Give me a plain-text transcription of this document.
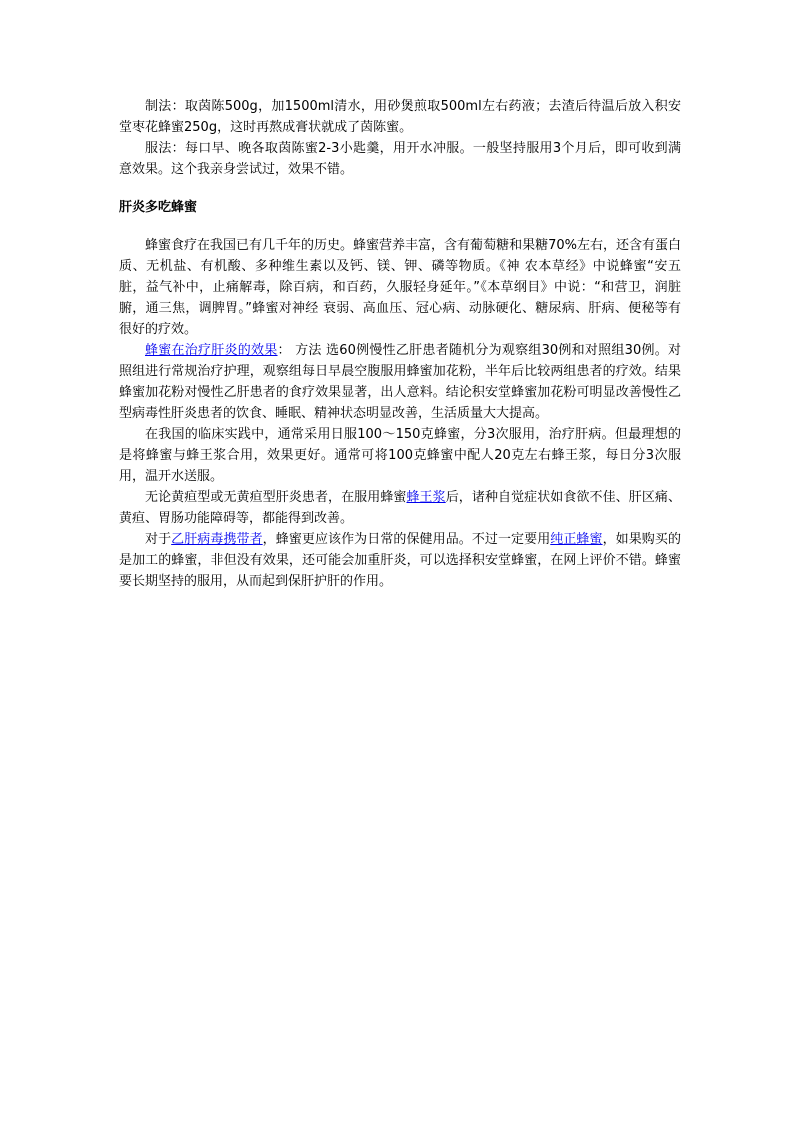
制法：取茵陈500g，加1500ml清水，用砂煲煎取500ml左右药液；去渣后待温后放入积安堂枣花蜂蜜250g，这时再熬成膏状就成了茵陈蜜。

服法：每口早、晚各取茵陈蜜2-3小匙羹，用开水冲服。一般坚持服用3个月后，即可收到满意效果。这个我亲身尝试过，效果不错。

肝炎多吃蜂蜜

蜂蜜食疗在我国已有几千年的历史。蜂蜜营养丰富，含有葡萄糖和果糖70%左右，还含有蛋白质、无机盐、有机酸、多种维生素以及钙、镁、钾、磷等物质。《神 农本草经》中说蜂蜜“安五脏，益气补中，止痛解毒，除百病，和百药，久服轻身延年。”《本草纲目》中说：“和营卫，润脏腑，通三焦，调脾胃。”蜂蜜对神经 衰弱、高血压、冠心病、动脉硬化、糖尿病、肝病、便秘等有很好的疗效。

蜂蜜在治疗肝炎的效果： 方法 选60例慢性乙肝患者随机分为观察组30例和对照组30例。对照组进行常规治疗护理，观察组每日早晨空腹服用蜂蜜加花粉，半年后比较两组患者的疗效。结果 蜂蜜加花粉对慢性乙肝患者的食疗效果显著，出人意料。结论积安堂蜂蜜加花粉可明显改善慢性乙型病毒性肝炎患者的饮食、睡眠、精神状态明显改善，生活质量大大提高。

在我国的临床实践中，通常采用日服100～150克蜂蜜，分3次服用，治疗肝病。但最理想的是将蜂蜜与蜂王浆合用，效果更好。通常可将100克蜂蜜中配人20克左右蜂王浆，每日分3次服用，温开水送服。

无论黄疸型或无黄疸型肝炎患者，在服用蜂蜜蜂王浆后，诸种自觉症状如食欲不佳、肝区痛、黄疸、胃肠功能障碍等，都能得到改善。

对于乙肝病毒携带者，蜂蜜更应该作为日常的保健用品。不过一定要用纯正蜂蜜，如果购买的是加工的蜂蜜，非但没有效果，还可能会加重肝炎，可以选择积安堂蜂蜜，在网上评价不错。蜂蜜要长期坚持的服用，从而起到保肝护肝的作用。
